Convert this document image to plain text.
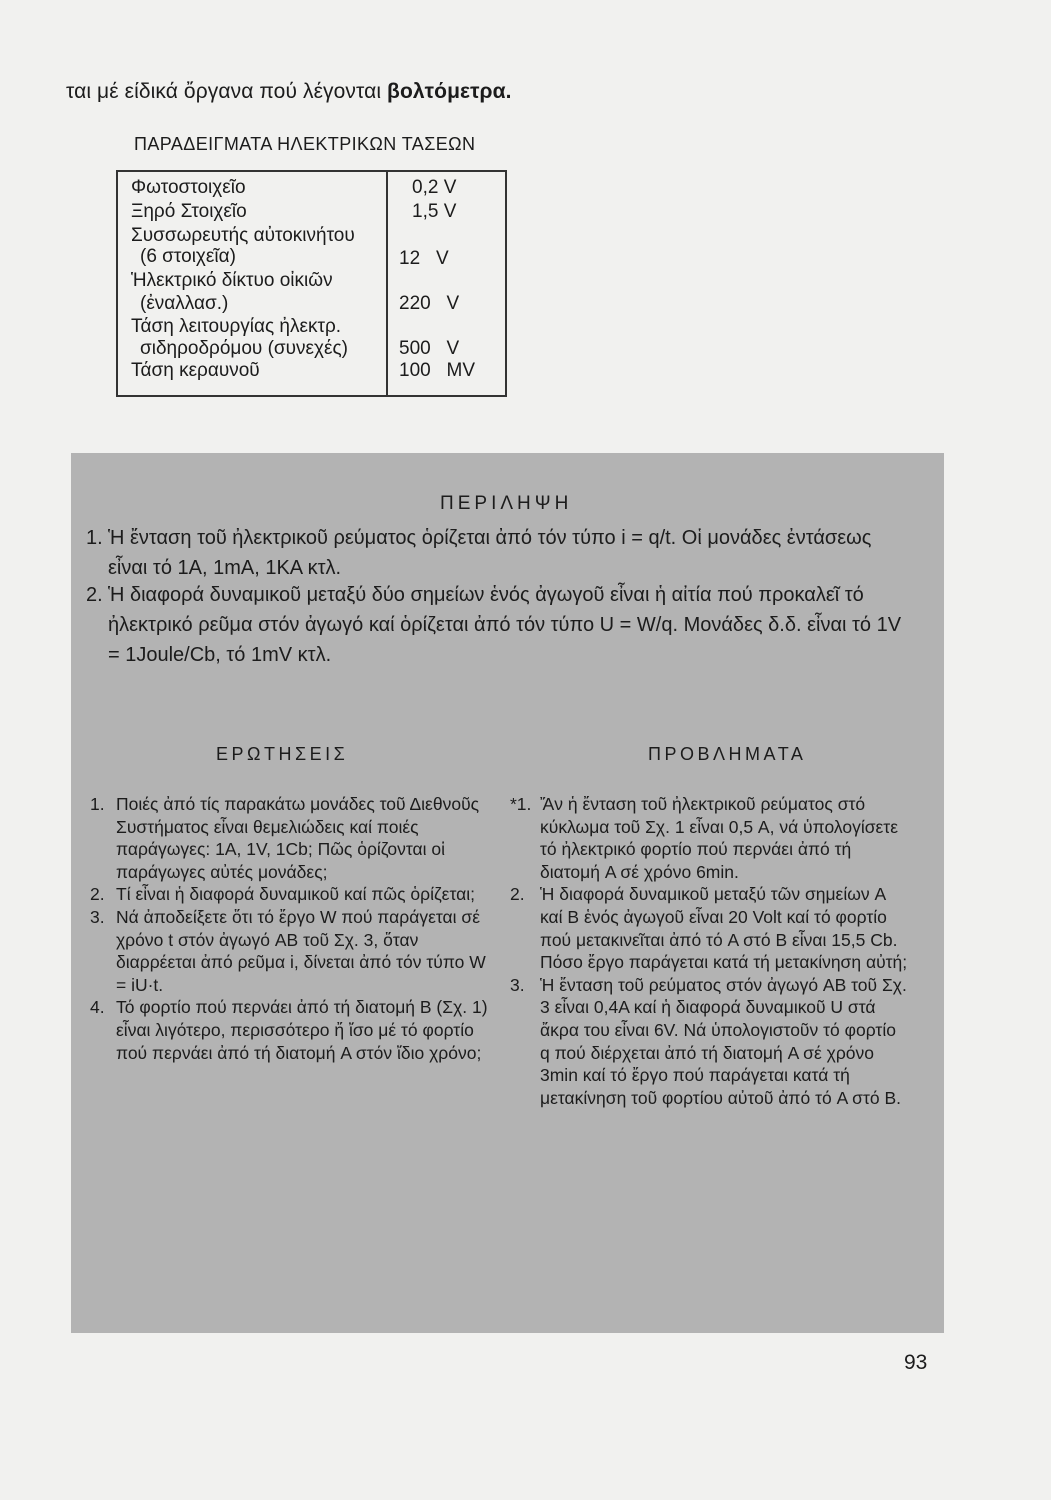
ται μέ είδικά ὄργανα πού λέγονται βολτόμετρα.
ΠΑΡΑΔΕΙΓΜΑΤΑ ΗΛΕΚΤΡΙΚΩΝ ΤΑΣΕΩΝ
Φωτοστοιχεῖο	0,2 V
Ξηρό Στοιχεῖο	1,5 V
Συσσωρευτής αὐτοκινήτου
(6 στοιχεῖα)	12   V
Ἡλεκτρικό δίκτυο οἰκιῶν
(ἐναλλασ.)	220   V
Τάση λειτουργίας ἠλεκτρ.
σιδηροδρόμου (συνεχές)	500   V
Τάση κεραυνοῦ	100   MV
ΠΕΡΙΛΗΨΗ
1. Ἡ ἔνταση τοῦ ἠλεκτρικοῦ ρεύματος ὁρίζεται ἀπό τόν τύπο i = q/t. Οἱ μονάδες ἐντάσεως εἶναι τό 1A, 1mA, 1KA κτλ.
2. Ἡ διαφορά δυναμικοῦ μεταξύ δύο σημείων ἑνός ἀγωγοῦ εἶναι ἡ αἰτία πού προκαλεῖ τό ἠλεκτρικό ρεῦμα στόν ἀγωγό καί ὁρίζεται ἀπό τόν τύπο U = W/q. Μονάδες δ.δ. εἶναι τό 1V = 1Joule/Cb, τό 1mV κτλ.
ΕΡΩΤΗΣΕΙΣ	ΠΡΟΒΛΗΜΑΤΑ
1. Ποιές ἀπό τίς παρακάτω μονάδες τοῦ Διεθνοῦς Συστήματος εἶναι θεμελιώδεις καί ποιές παράγωγες: 1A, 1V, 1Cb; Πῶς ὁρίζονται οἱ παράγωγες αὐτές μονάδες;
2. Τί εἶναι ἡ διαφορά δυναμικοῦ καί πῶς ὁρίζεται;
3. Νά ἀποδείξετε ὅτι τό ἔργο W πού παράγεται σέ χρόνο t στόν ἀγωγό AB τοῦ Σχ. 3, ὅταν διαρρέεται ἀπό ρεῦμα i, δίνεται ἀπό τόν τύπο W = iU·t.
4. Τό φορτίο πού περνάει ἀπό τή διατομή B (Σχ. 1) εἶναι λιγότερο, περισσότερο ἤ ἴσο μέ τό φορτίο πού περνάει ἀπό τή διατομή A στόν ἴδιο χρόνο;
*1. Ἄν ἡ ἔνταση τοῦ ἠλεκτρικοῦ ρεύματος στό κύκλωμα τοῦ Σχ. 1 εἶναι 0,5 A, νά ὑπολογίσετε τό ἠλεκτρικό φορτίο πού περνάει ἀπό τή διατομή A σέ χρόνο 6min.
2. Ἡ διαφορά δυναμικοῦ μεταξύ τῶν σημείων A καί B ἑνός ἀγωγοῦ εἶναι 20 Volt καί τό φορτίο πού μετακινεῖται ἀπό τό A στό B εἶναι 15,5 Cb. Πόσο ἔργο παράγεται κατά τή μετακίνηση αὐτή;
3. Ἡ ἔνταση τοῦ ρεύματος στόν ἀγωγό AB τοῦ Σχ. 3 εἶναι 0,4A καί ἡ διαφορά δυναμικοῦ U στά ἄκρα του εἶναι 6V. Νά ὑπολογιστοῦν τό φορτίο q πού διέρχεται ἀπό τή διατομή A σέ χρόνο 3min καί τό ἔργο πού παράγεται κατά τή μετακίνηση τοῦ φορτίου αὐτοῦ ἀπό τό A στό B.
93
